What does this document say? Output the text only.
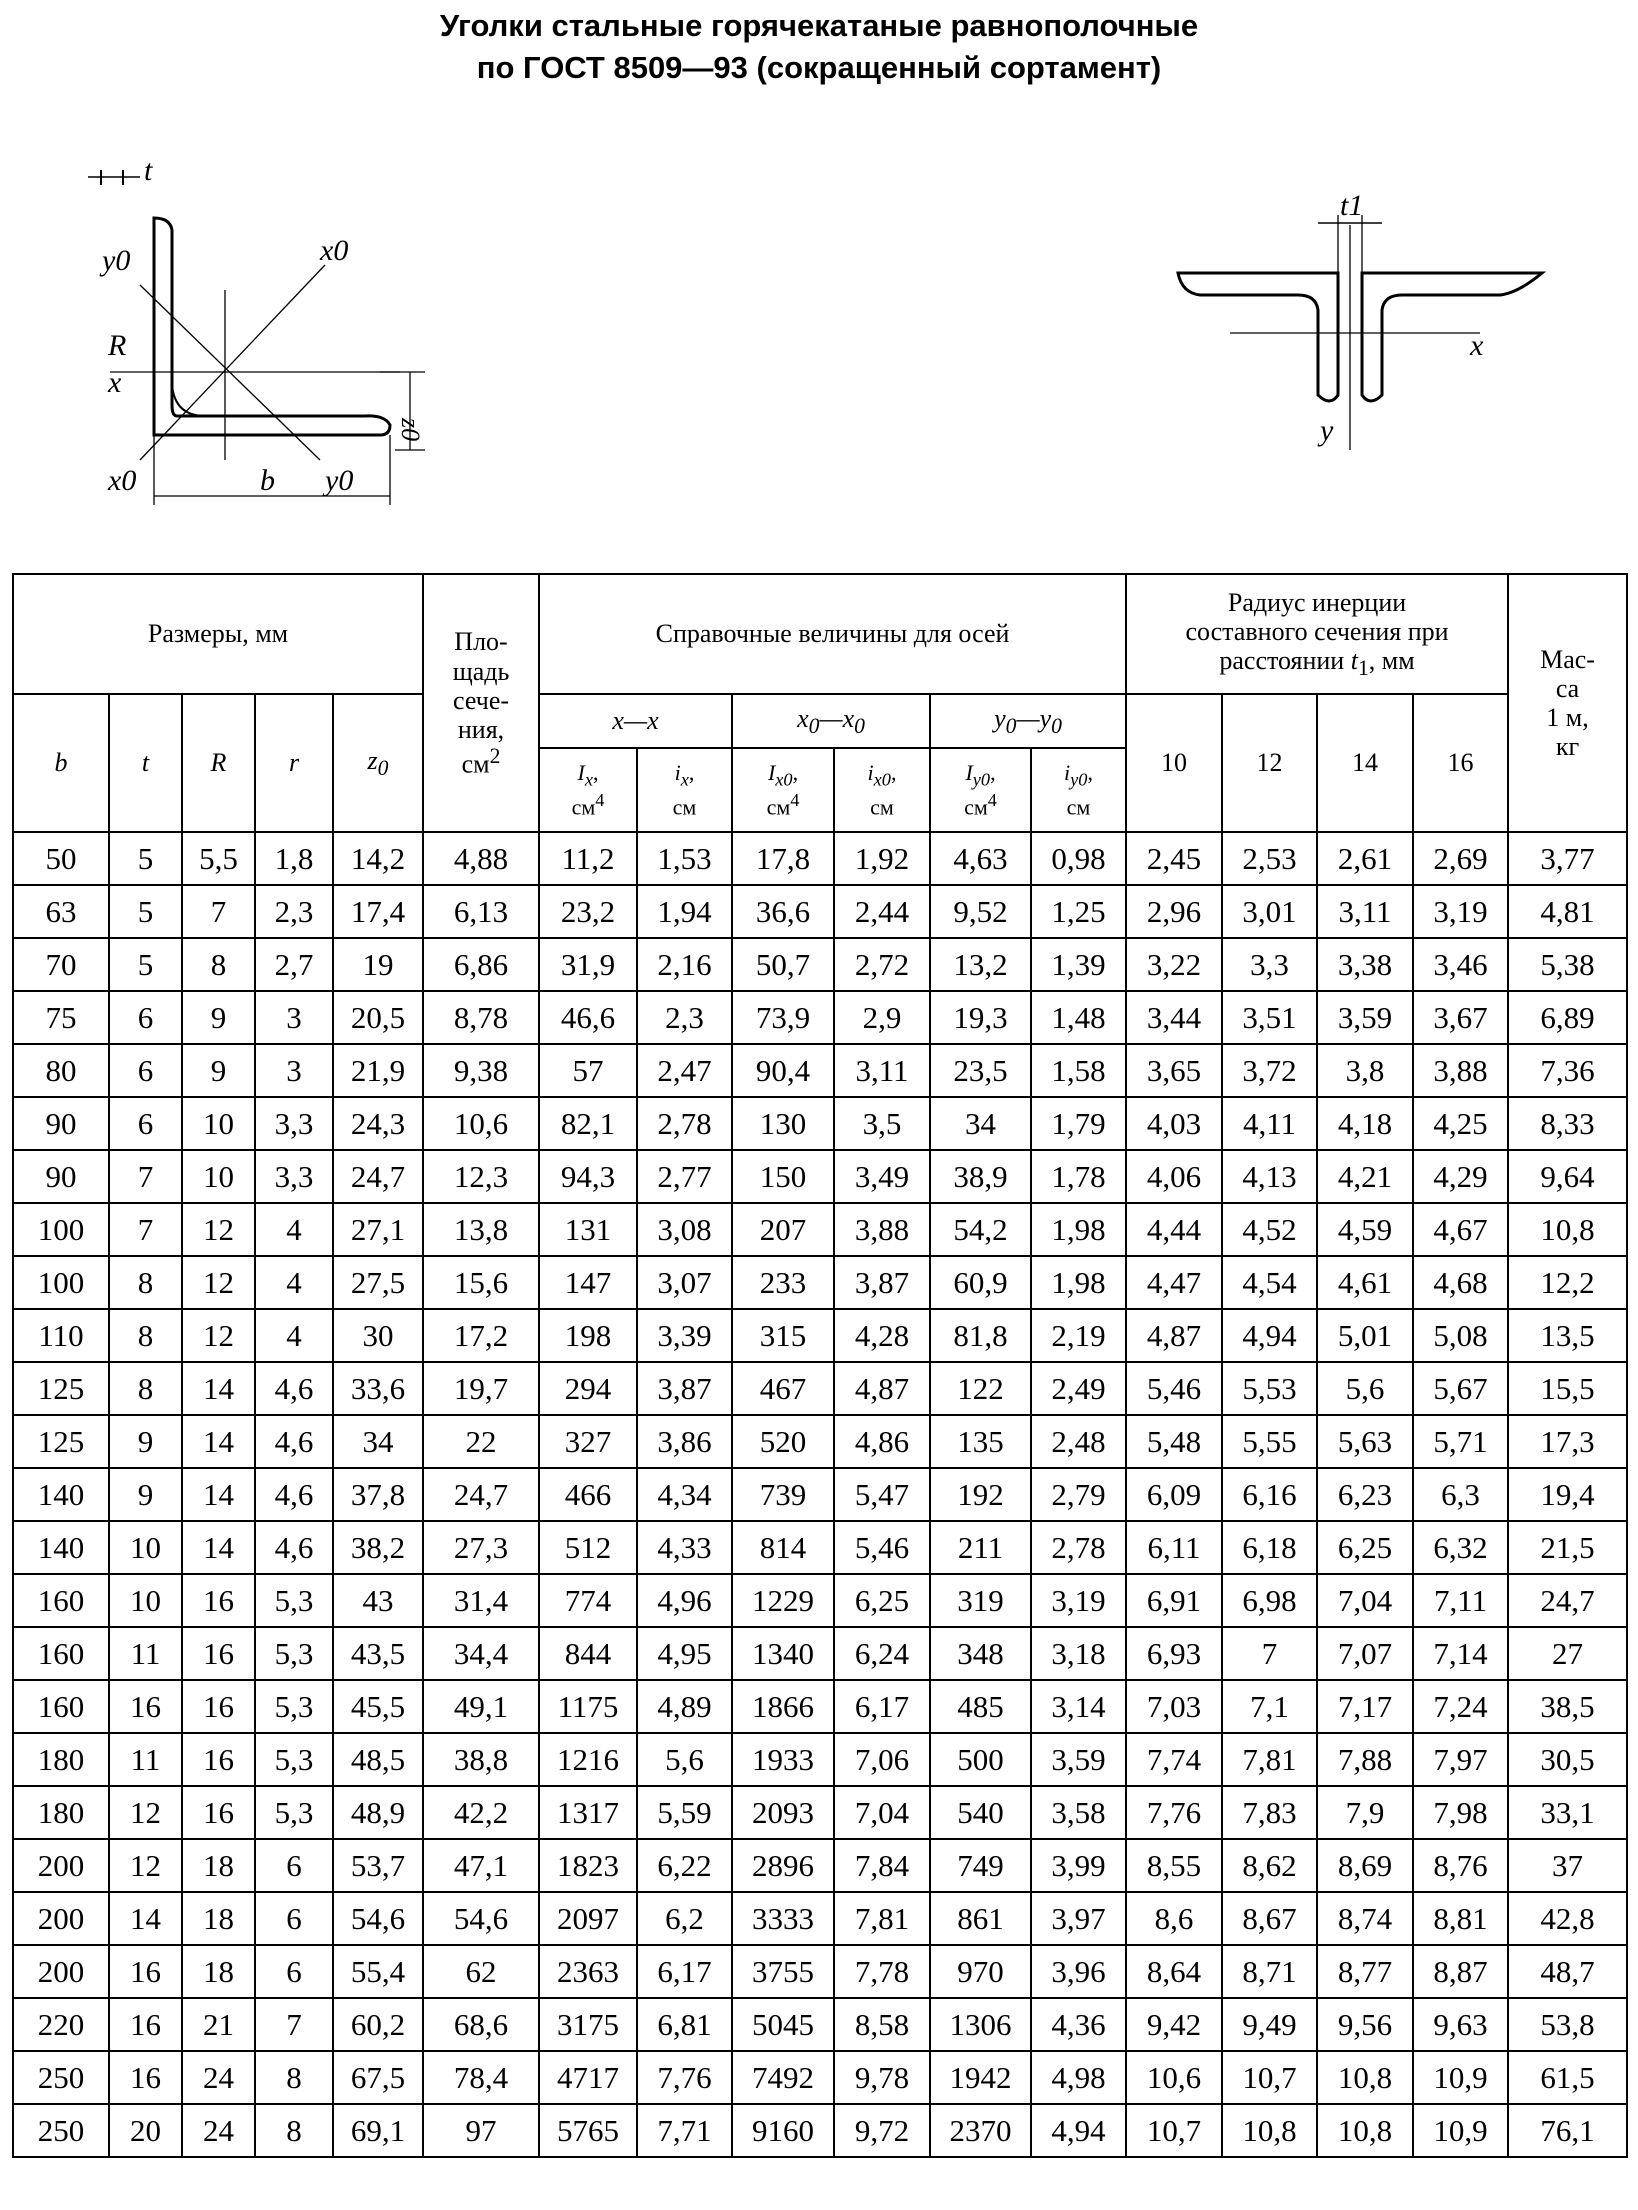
Уголки стальные горячекатаные равнополочные
по ГОСТ 8509—93 (сокращенный сортамент)
t
y0	x0
R
x
x0	y0
z0
b
t1
x
y
Размеры, мм					Пло-
щадь
сече-
ния,
$см^2$	Справочные величины для осей						Радиус инерции
составного сечения при
расстоянии $t_1$, мм				Мас-
са
1 м,
кг
b	t	R	r	$z_0$		x—x		$x_0—x_0$		$y_0—y_0$		10	12	14	16	
						$I_x$,
$см^4$	$i_x$,
см	$I_{x0}$,
$см^4$	$i_{x0}$,
см	$I_{y0}$,
$см^4$	$i_{y0}$,
см					
50	5	5,5	1,8	14,2	4,88	11,2	1,53	17,8	1,92	4,63	0,98	2,45	2,53	2,61	2,69	3,77
63	5	7	2,3	17,4	6,13	23,2	1,94	36,6	2,44	9,52	1,25	2,96	3,01	3,11	3,19	4,81
70	5	8	2,7	19	6,86	31,9	2,16	50,7	2,72	13,2	1,39	3,22	3,3	3,38	3,46	5,38
75	6	9	3	20,5	8,78	46,6	2,3	73,9	2,9	19,3	1,48	3,44	3,51	3,59	3,67	6,89
80	6	9	3	21,9	9,38	57	2,47	90,4	3,11	23,5	1,58	3,65	3,72	3,8	3,88	7,36
90	6	10	3,3	24,3	10,6	82,1	2,78	130	3,5	34	1,79	4,03	4,11	4,18	4,25	8,33
90	7	10	3,3	24,7	12,3	94,3	2,77	150	3,49	38,9	1,78	4,06	4,13	4,21	4,29	9,64
100	7	12	4	27,1	13,8	131	3,08	207	3,88	54,2	1,98	4,44	4,52	4,59	4,67	10,8
100	8	12	4	27,5	15,6	147	3,07	233	3,87	60,9	1,98	4,47	4,54	4,61	4,68	12,2
110	8	12	4	30	17,2	198	3,39	315	4,28	81,8	2,19	4,87	4,94	5,01	5,08	13,5
125	8	14	4,6	33,6	19,7	294	3,87	467	4,87	122	2,49	5,46	5,53	5,6	5,67	15,5
125	9	14	4,6	34	22	327	3,86	520	4,86	135	2,48	5,48	5,55	5,63	5,71	17,3
140	9	14	4,6	37,8	24,7	466	4,34	739	5,47	192	2,79	6,09	6,16	6,23	6,3	19,4
140	10	14	4,6	38,2	27,3	512	4,33	814	5,46	211	2,78	6,11	6,18	6,25	6,32	21,5
160	10	16	5,3	43	31,4	774	4,96	1229	6,25	319	3,19	6,91	6,98	7,04	7,11	24,7
160	11	16	5,3	43,5	34,4	844	4,95	1340	6,24	348	3,18	6,93	7	7,07	7,14	27
160	16	16	5,3	45,5	49,1	1175	4,89	1866	6,17	485	3,14	7,03	7,1	7,17	7,24	38,5
180	11	16	5,3	48,5	38,8	1216	5,6	1933	7,06	500	3,59	7,74	7,81	7,88	7,97	30,5
180	12	16	5,3	48,9	42,2	1317	5,59	2093	7,04	540	3,58	7,76	7,83	7,9	7,98	33,1
200	12	18	6	53,7	47,1	1823	6,22	2896	7,84	749	3,99	8,55	8,62	8,69	8,76	37
200	14	18	6	54,6	54,6	2097	6,2	3333	7,81	861	3,97	8,6	8,67	8,74	8,81	42,8
200	16	18	6	55,4	62	2363	6,17	3755	7,78	970	3,96	8,64	8,71	8,77	8,87	48,7
220	16	21	7	60,2	68,6	3175	6,81	5045	8,58	1306	4,36	9,42	9,49	9,56	9,63	53,8
250	16	24	8	67,5	78,4	4717	7,76	7492	9,78	1942	4,98	10,6	10,7	10,8	10,9	61,5
250	20	24	8	69,1	97	5765	7,71	9160	9,72	2370	4,94	10,7	10,8	10,8	10,9	76,1
